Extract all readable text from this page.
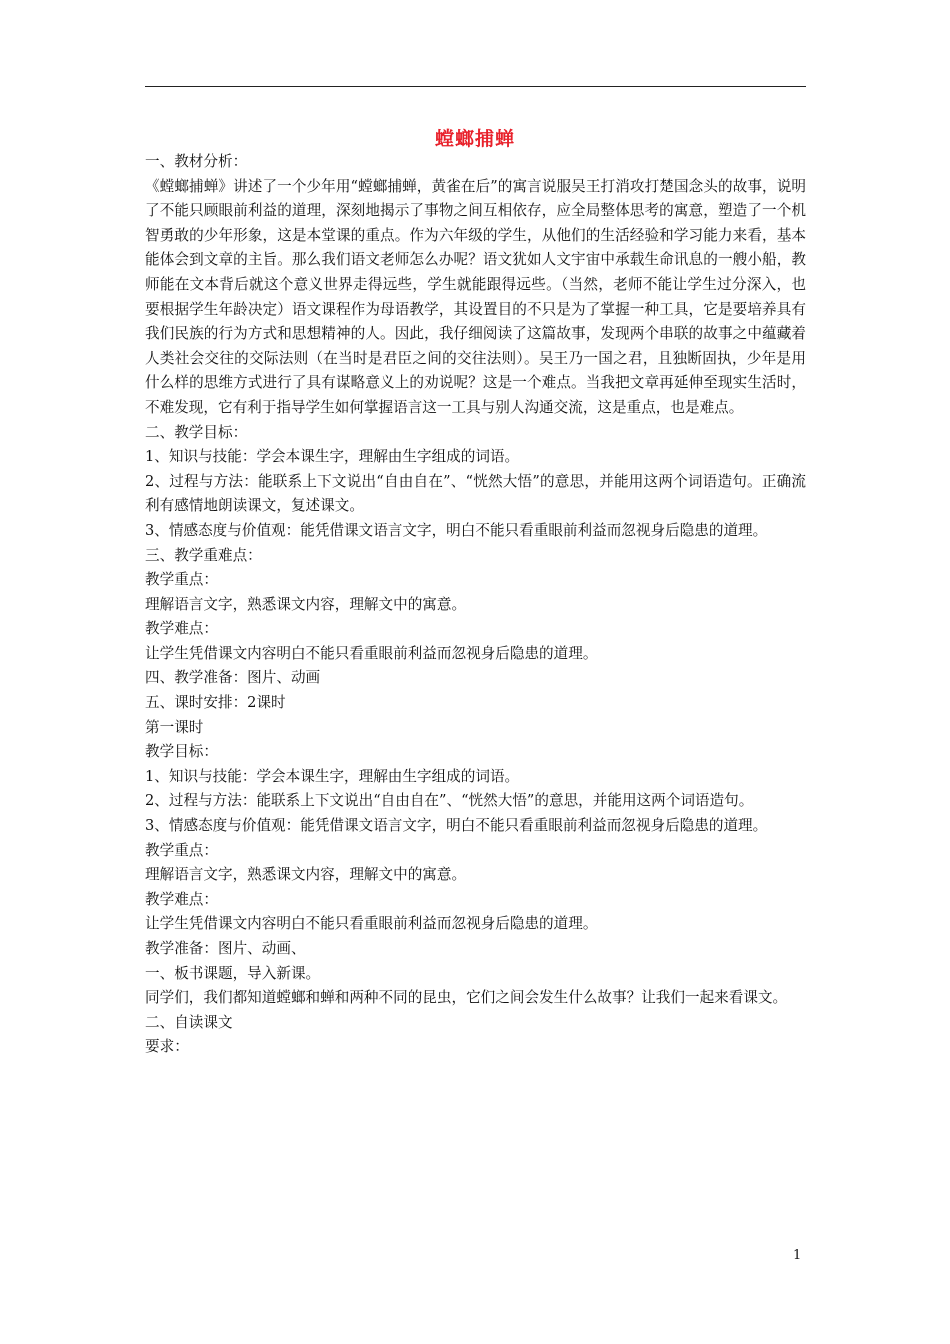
螳螂捕蝉

一、教材分析：

《螳螂捕蝉》讲述了一个少年用“螳螂捕蝉，黄雀在后”的寓言说服吴王打消攻打楚国念头的故事，说明了不能只顾眼前利益的道理，深刻地揭示了事物之间互相依存，应全局整体思考的寓意，塑造了一个机智勇敢的少年形象，这是本堂课的重点。作为六年级的学生，从他们的生活经验和学习能力来看，基本能体会到文章的主旨。那么我们语文老师怎么办呢？语文犹如人文宇宙中承载生命讯息的一艘小船，教师能在文本背后就这个意义世界走得远些，学生就能跟得远些。（当然，老师不能让学生过分深入，也要根据学生年龄决定）语文课程作为母语教学，其设置目的不只是为了掌握一种工具，它是要培养具有我们民族的行为方式和思想精神的人。因此，我仔细阅读了这篇故事，发现两个串联的故事之中蕴藏着人类社会交往的交际法则（在当时是君臣之间的交往法则）。吴王乃一国之君，且独断固执，少年是用什么样的思维方式进行了具有谋略意义上的劝说呢？这是一个难点。当我把文章再延伸至现实生活时，不难发现，它有利于指导学生如何掌握语言这一工具与别人沟通交流，这是重点，也是难点。

二、教学目标：

1、知识与技能：学会本课生字，理解由生字组成的词语。

2、过程与方法：能联系上下文说出“自由自在”、“恍然大悟”的意思，并能用这两个词语造句。正确流利有感情地朗读课文，复述课文。

3、情感态度与价值观：能凭借课文语言文字，明白不能只看重眼前利益而忽视身后隐患的道理。

三、教学重难点：

教学重点：

理解语言文字，熟悉课文内容，理解文中的寓意。

教学难点：

让学生凭借课文内容明白不能只看重眼前利益而忽视身后隐患的道理。

四、教学准备：图片、动画

五、课时安排：2课时

第一课时

教学目标：

1、知识与技能：学会本课生字，理解由生字组成的词语。

2、过程与方法：能联系上下文说出“自由自在”、“恍然大悟”的意思，并能用这两个词语造句。

3、情感态度与价值观：能凭借课文语言文字，明白不能只看重眼前利益而忽视身后隐患的道理。

教学重点：

理解语言文字，熟悉课文内容，理解文中的寓意。

教学难点：

让学生凭借课文内容明白不能只看重眼前利益而忽视身后隐患的道理。

教学准备：图片、动画、

一、板书课题，导入新课。

同学们，我们都知道螳螂和蝉和两种不同的昆虫，它们之间会发生什么故事？让我们一起来看课文。

二、自读课文

要求：

1
